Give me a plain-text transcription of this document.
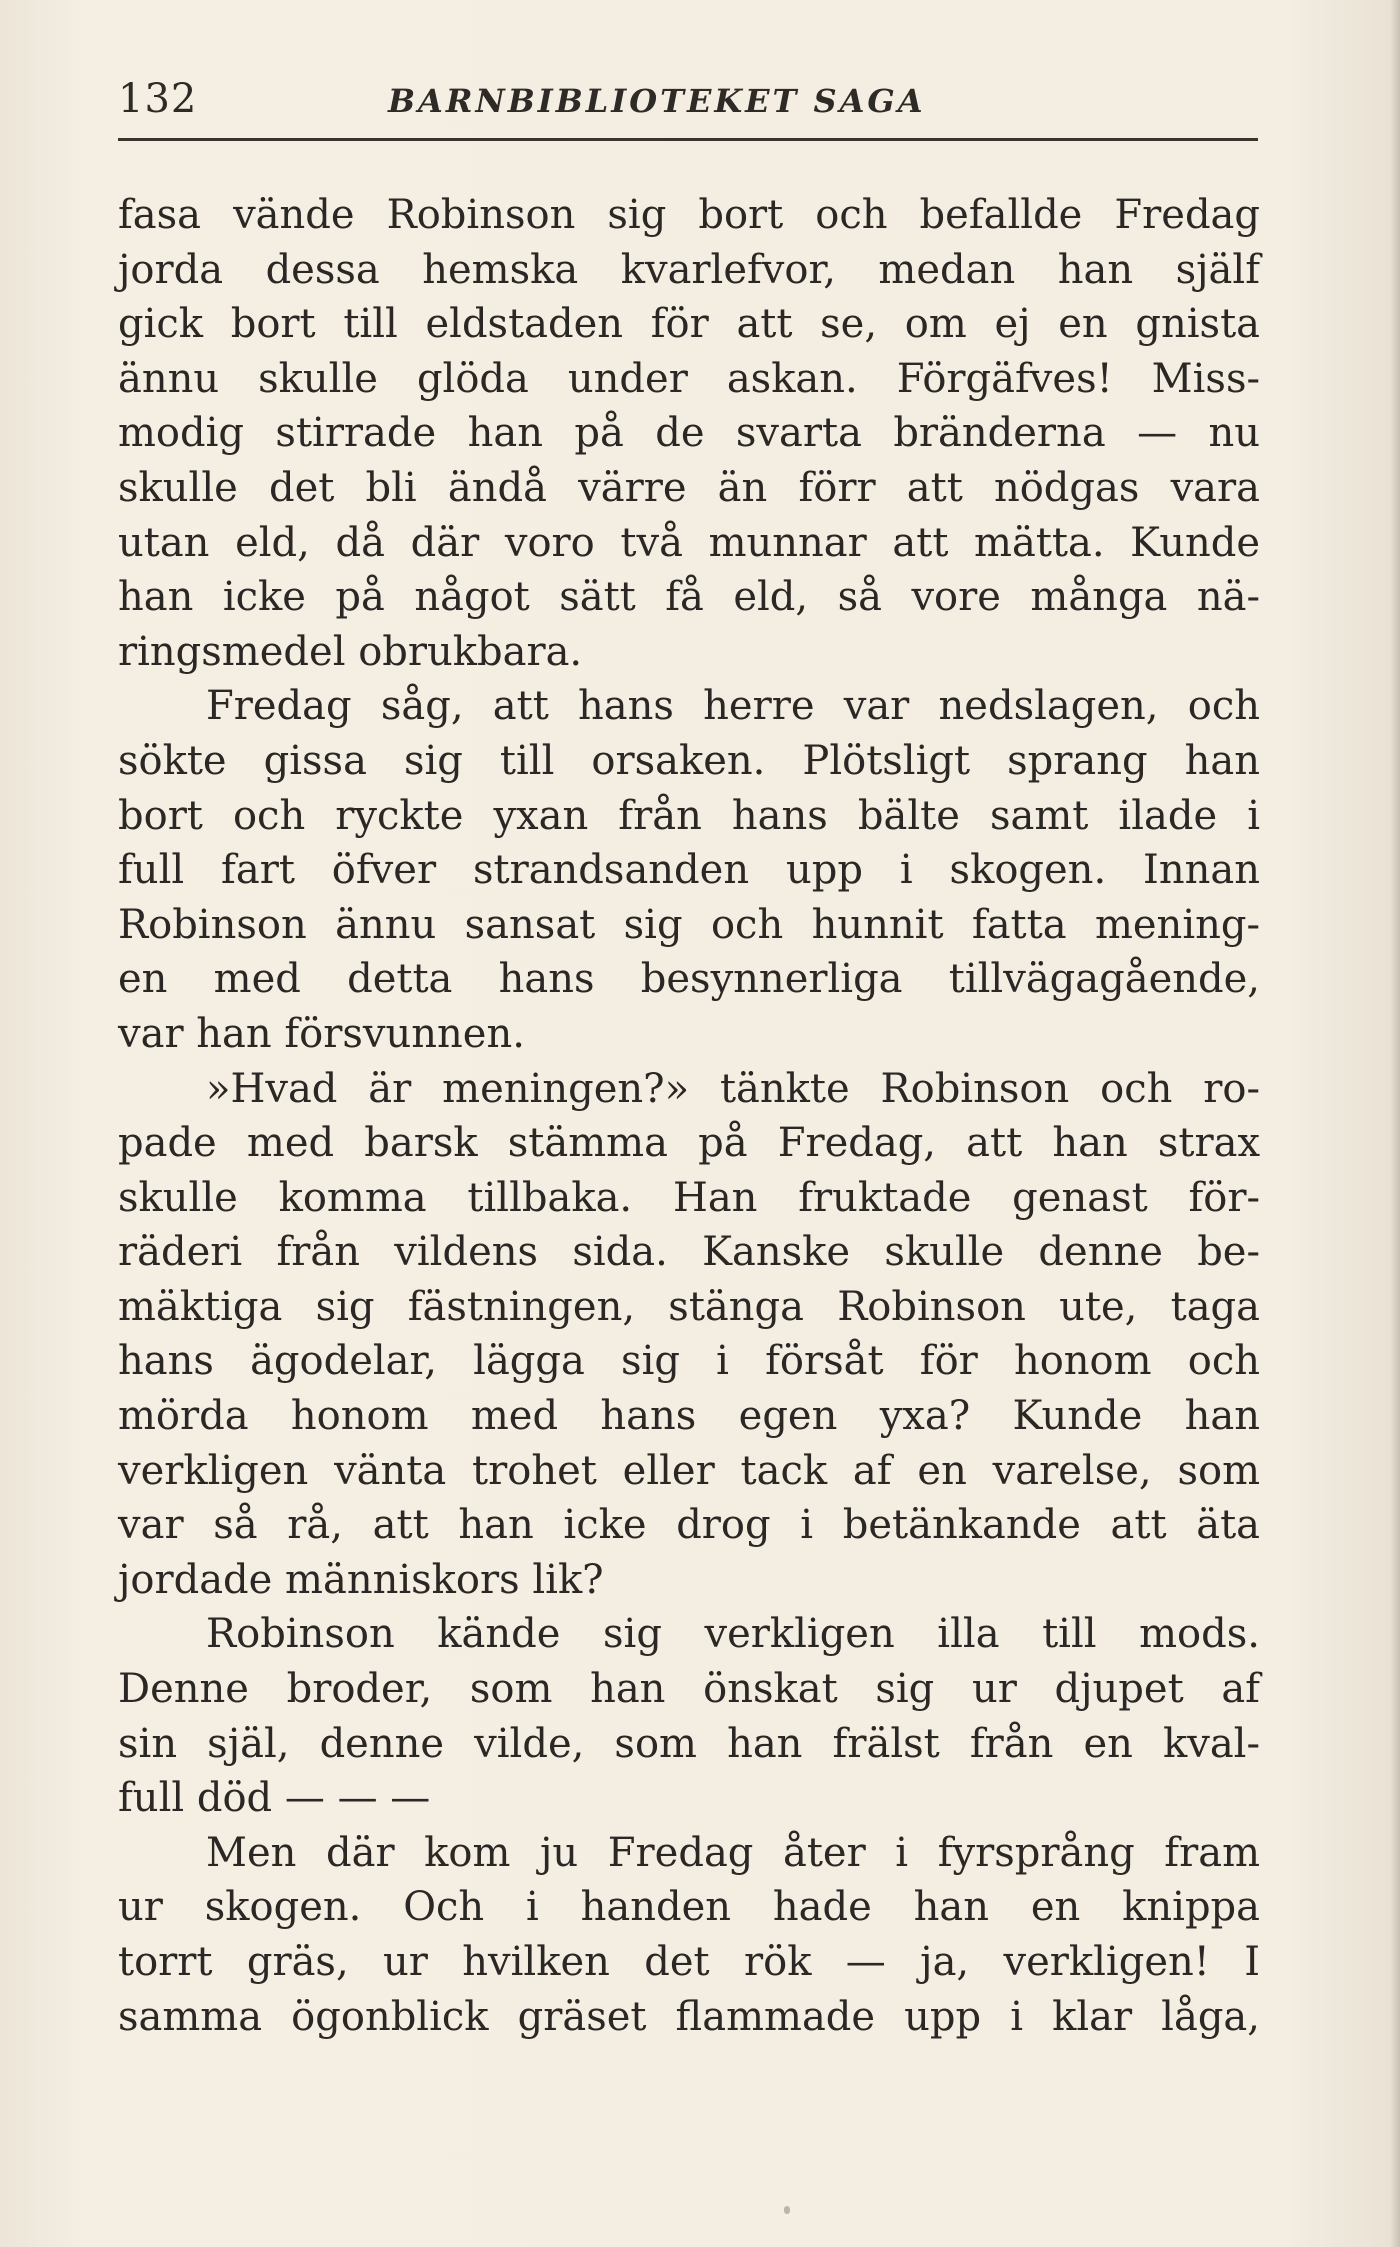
132	BARNBIBLIOTEKET SAGA
fasa vände Robinson sig bort och befallde Fredag
jorda dessa hemska kvarlefvor, medan han själf
gick bort till eldstaden för att se, om ej en gnista
ännu skulle glöda under askan. Förgäfves! Miss-
modig stirrade han på de svarta bränderna — nu
skulle det bli ändå värre än förr att nödgas vara
utan eld, då där voro två munnar att mätta. Kunde
han icke på något sätt få eld, så vore många nä-
ringsmedel obrukbara.
Fredag såg, att hans herre var nedslagen, och
sökte gissa sig till orsaken. Plötsligt sprang han
bort och ryckte yxan från hans bälte samt ilade i
full fart öfver strandsanden upp i skogen. Innan
Robinson ännu sansat sig och hunnit fatta mening-
en med detta hans besynnerliga tillvägagående,
var han försvunnen.
»Hvad är meningen?» tänkte Robinson och ro-
pade med barsk stämma på Fredag, att han strax
skulle komma tillbaka. Han fruktade genast för-
räderi från vildens sida. Kanske skulle denne be-
mäktiga sig fästningen, stänga Robinson ute, taga
hans ägodelar, lägga sig i försåt för honom och
mörda honom med hans egen yxa? Kunde han
verkligen vänta trohet eller tack af en varelse, som
var så rå, att han icke drog i betänkande att äta
jordade människors lik?
Robinson kände sig verkligen illa till mods.
Denne broder, som han önskat sig ur djupet af
sin själ, denne vilde, som han frälst från en kval-
full död — — —
Men där kom ju Fredag åter i fyrsprång fram
ur skogen. Och i handen hade han en knippa
torrt gräs, ur hvilken det rök — ja, verkligen! I
samma ögonblick gräset flammade upp i klar låga,
